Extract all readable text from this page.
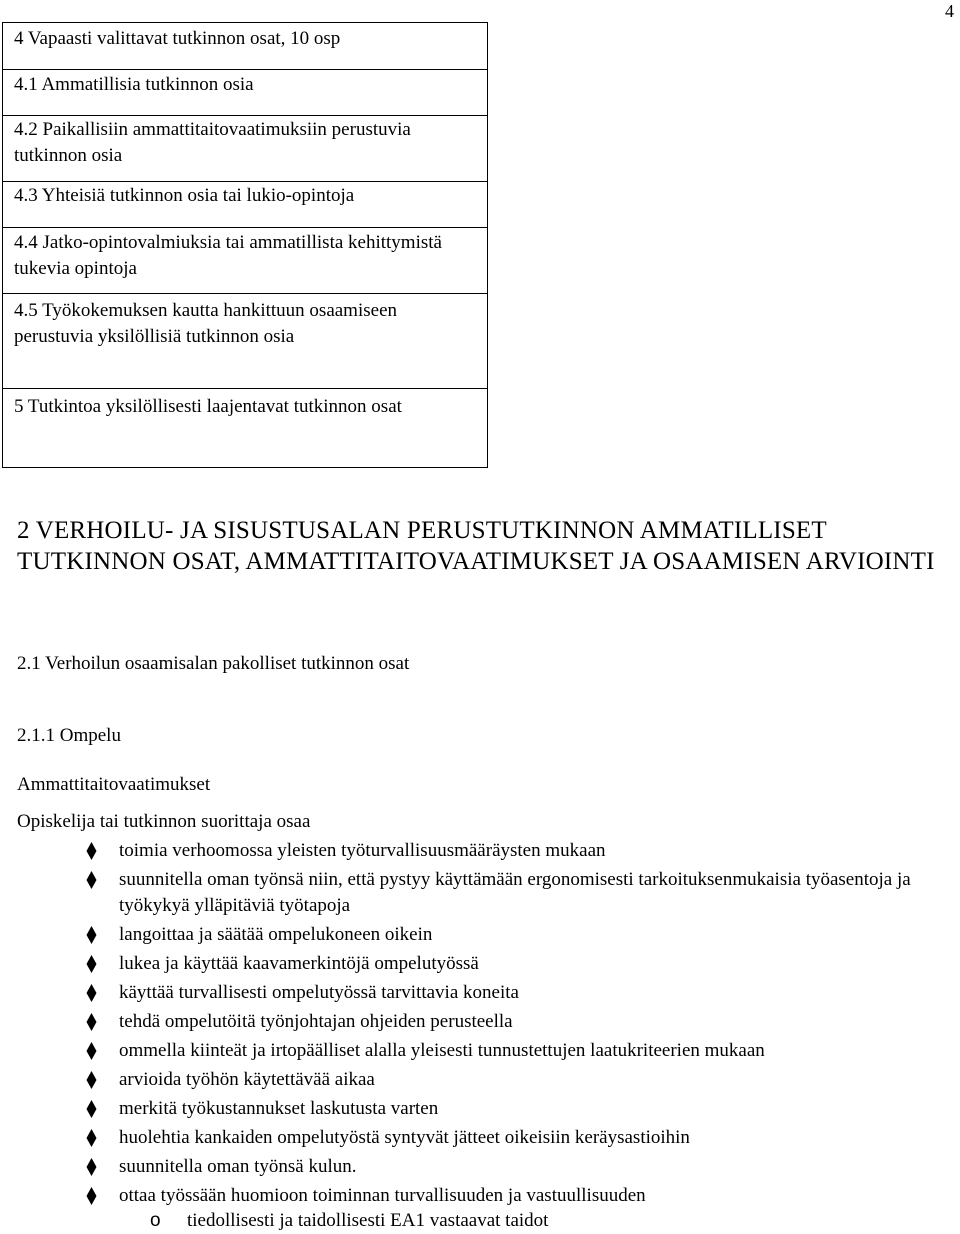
4
4 Vapaasti valittavat tutkinnon osat, 10 osp
4.1 Ammatillisia tutkinnon osia
4.2 Paikallisiin ammattitaitovaatimuksiin perustuvia tutkinnon osia
4.3 Yhteisiä tutkinnon osia tai lukio-opintoja
4.4 Jatko-opintovalmiuksia tai ammatillista kehittymistä tukevia opintoja
4.5 Työkokemuksen kautta hankittuun osaamiseen perustuvia yksilöllisiä tutkinnon osia
5 Tutkintoa yksilöllisesti laajentavat tutkinnon osat
2 VERHOILU- JA SISUSTUSALAN PERUSTUTKINNON AMMATILLISET TUTKINNON OSAT, AMMATTITAITOVAATIMUKSET JA OSAAMISEN ARVIOINTI
2.1 Verhoilun osaamisalan pakolliset tutkinnon osat
2.1.1 Ompelu
Ammattitaitovaatimukset
Opiskelija tai tutkinnon suorittaja osaa
toimia verhoomossa yleisten työturvallisuusmääräysten mukaan
suunnitella oman työnsä niin, että pystyy käyttämään ergonomisesti tarkoituksenmukaisia työasentoja ja työkykyä ylläpitäviä työtapoja
langoittaa ja säätää ompelukoneen oikein
lukea ja käyttää kaavamerkintöjä ompelutyössä
käyttää turvallisesti ompelutyössä tarvittavia koneita
tehdä ompelutöitä työnjohtajan ohjeiden perusteella
ommella kiinteät ja irtopäälliset alalla yleisesti tunnustettujen laatukriteerien mukaan
arvioida työhön käytettävää aikaa
merkitä työkustannukset laskutusta varten
huolehtia kankaiden ompelutyöstä syntyvät jätteet oikeisiin keräysastioihin
suunnitella oman työnsä kulun.
ottaa työssään huomioon toiminnan turvallisuuden ja vastuullisuuden
o tiedollisesti ja taidollisesti EA1 vastaavat taidot
